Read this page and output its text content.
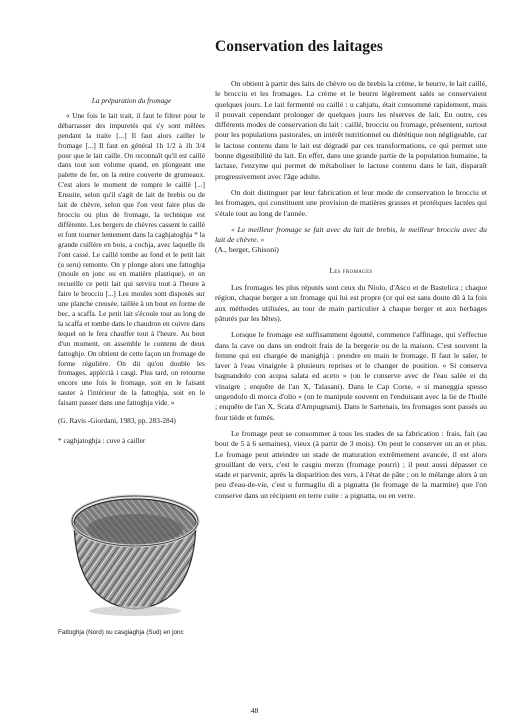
Conservation des laitages

La préparation du fromage

« Une fois le lait trait, il faut le filtrer pour le débarrasser des impuretés qui s'y sont mêlées pendant la traite [...] Il faut alors cailler le fromage [...] Il faut en général 1h 1/2 à 1h 3/4 pour que le lait caille. On reconnaît qu'il est caillé dans tout son volume quand, en plongeant une palette de fer, on la retire couverte de grumeaux. C'est alors le moment de rompre le caillé [...] Ensuite, selon qu'il s'agit de lait de brebis ou de lait de chèvre, selon que l'on veut faire plus de brocciu ou plus de fromage, la technique est différente. Les bergers de chèvres cassent le caillé et font tourner lentement dans la caghjatoghja * la grande cuillère en bois, a cochja, avec laquelle ils l'ont cassé. Le caillé tombe au fond et le petit lait (u seru) remonte. On y plonge alors une fattoghja (moule en jonc ou en matière plastique), et on recueille ce petit lait qui servira tout à l'heure à faire le brocciu [...] Les moules sont disposés sur une planche creusée, taillée à un bout en forme de bec, a scaffa. Le petit lait s'écoule tout au long de la scaffa et tombe dans le chaudron en cuivre dans lequel on le fera chauffer tout à l'heure. Au bout d'un moment, on assemble le contenu de deux fattoghje. On obtient de cette façon un fromage de forme régulière. On dit qu'on double les fromages, appiccià i casgi. Plus tard, on retourne encore une fois le fromage, soit en le faisant sauter à l'intérieur de la fattoghja, soit en le faisant passer dans une fattoghja vide. »

(G. Ravis -Giordani, 1983, pp. 283-284)

* caghjatoghja : cuve à cailler

Fattoghja (Nord) ou casgiaghja (Sud) en jonc

On obtient à partir des laits de chèvre ou de brebis la crème, le beurre, le lait caillé, le brocciu et les fromages. La crème et le beurre légèrement salés se conservaient quelques jours. Le lait fermenté ou caillé : u cahjatu, était consommé rapidement, mais il pouvait cependant prolonger de quelques jours les réserves de lait. En outre, ces différents modes de conservation du lait : caillé, brocciu ou fromage, présentent, surtout pour les populations pastorales, un intérêt nutritionnel ou diététique non négligeable, car le lactose contenu dans le lait est dégradé par ces transformations, ce qui permet une bonne digestibilité du lait. En effet, dans une grande partie de la population humaine, la lactase, l'enzyme qui permet de métaboliser le lactose contenu dans le lait, disparaît progressivement avec l'âge adulte.

On doit distinguer par leur fabrication et leur mode de conservation le brocciu et les fromages, qui constituent une provision de matières grasses et protéiques lactées qui s'étale tout au long de l'année.

« Le meilleur fromage se fait avec du lait de brebis, le meilleur brocciu avec du lait de chèvre. »

(A., berger, Ghisoni)

Les fromages

Les fromages les plus réputés sont ceux du Niolo, d'Asco et de Bastelica ; chaque région, chaque berger a un fromage qui lui est propre (ce qui est sans doute dû à la fois aux méthodes utilisées, au tour de main particulier à chaque berger et aux herbages pâturés par les bêtes).

Lorsque le fromage est suffisamment égoutté, commence l'affinage, qui s'effectue dans la cave ou dans un endroit frais de la bergerie ou de la maison. C'est souvent la femme qui est chargée de manighjà : prendre en main le fromage. Il faut le saler, le laver à l'eau vinaigrée à plusieurs reprises et le changer de position. « Si conserva bagnandolo con acqua salata ed aceto » (on le conserve avec de l'eau salée et du vinaigre ; enquête de l'an X, Talasani). Dans le Cap Corse, « si maneggia spesso ungendolo di morca d'olio » (on le manipule souvent en l'enduisant avec la lie de l'huile ; enquête de l'an X, Scata d'Ampugnani). Dans le Sartenais, les fromages sont passés au four tiède et fumés.

Le fromage peut se consommer à tous les stades de sa fabrication : frais, fait (au bout de 5 à 6 semaines), vieux (à partir de 3 mois). On peut le conserver un an et plus. Le fromage peut atteindre un stade de maturation extrêmement avancée, il est alors grouillant de vers, c'est le casgiu merzu (fromage pourri) ; il peut aussi dépasser ce stade et parvenir, après la disparition des vers, à l'état de pâte ; on le mélange alors à un peu d'eau-de-vie, c'est u furmagliu di a pignatta (le fromage de la marmite) que l'on conserve dans un récipient en terre cuite : a pignatta, ou en verre.

48
